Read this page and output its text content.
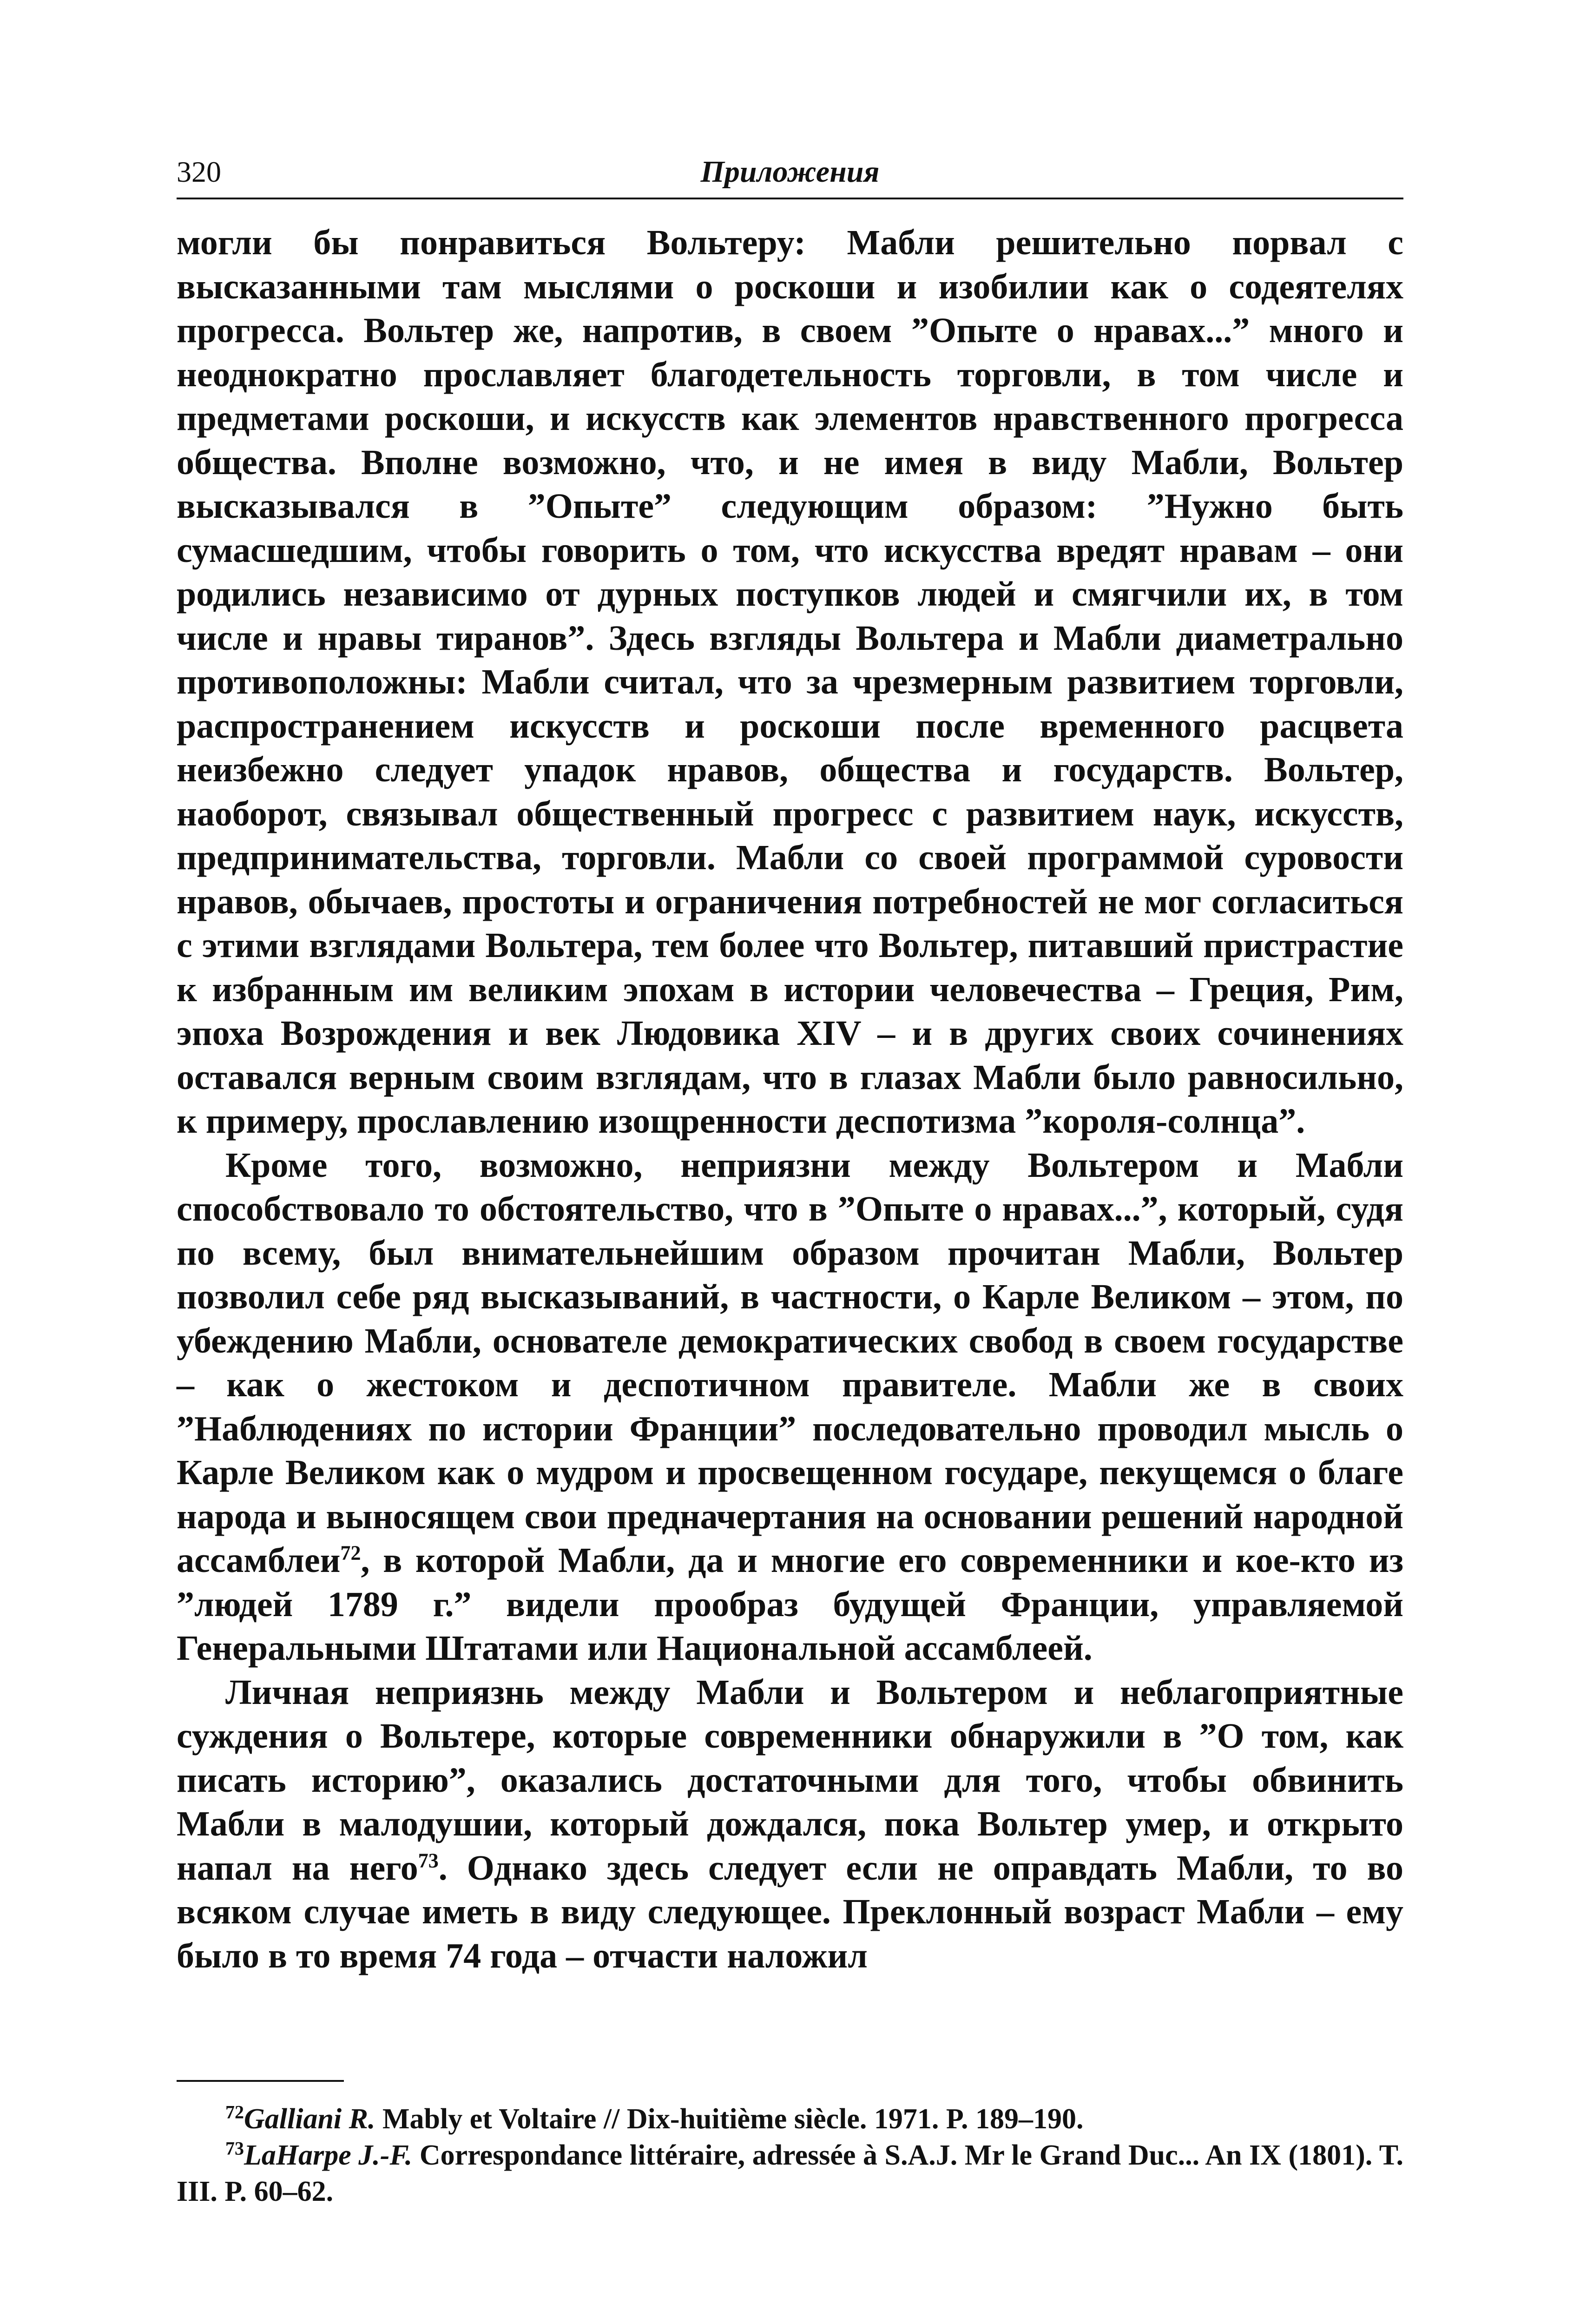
320	Приложения

могли бы понравиться Вольтеру: Мабли решительно порвал с высказанными там мыслями о роскоши и изобилии как о содеятелях прогресса. Вольтер же, напротив, в своем ”Опыте о нравах...” много и неоднократно прославляет благодетельность торговли, в том числе и предметами роскоши, и искусств как элементов нравственного прогресса общества. Вполне возможно, что, и не имея в виду Мабли, Вольтер высказывался в ”Опыте” следующим образом: ”Нужно быть сумасшедшим, чтобы говорить о том, что искусства вредят нравам – они родились независимо от дурных поступков людей и смягчили их, в том числе и нравы тиранов”. Здесь взгляды Вольтера и Мабли диаметрально противоположны: Мабли считал, что за чрезмерным развитием торговли, распространением искусств и роскоши после временного расцвета неизбежно следует упадок нравов, общества и государств. Вольтер, наоборот, связывал общественный прогресс с развитием наук, искусств, предпринимательства, торговли. Мабли со своей программой суровости нравов, обычаев, простоты и ограничения потребностей не мог согласиться с этими взглядами Вольтера, тем более что Вольтер, питавший пристрастие к избранным им великим эпохам в истории человечества – Греция, Рим, эпоха Возрождения и век Людовика XIV – и в других своих сочинениях оставался верным своим взглядам, что в глазах Мабли было равносильно, к примеру, прославлению изощренности деспотизма ”короля-солнца”.

Кроме того, возможно, неприязни между Вольтером и Мабли способствовало то обстоятельство, что в ”Опыте о нравах...”, который, судя по всему, был внимательнейшим образом прочитан Мабли, Вольтер позволил себе ряд высказываний, в частности, о Карле Великом – этом, по убеждению Мабли, основателе демократических свобод в своем государстве – как о жестоком и деспотичном правителе. Мабли же в своих ”Наблюдениях по истории Франции” последовательно проводил мысль о Карле Великом как о мудром и просвещенном государе, пекущемся о благе народа и выносящем свои предначертания на основании решений народной ассамблеи$^{72}$, в которой Мабли, да и многие его современники и кое-кто из ”людей 1789 г.” видели прообраз будущей Франции, управляемой Генеральными Штатами или Национальной ассамблеей.

Личная неприязнь между Мабли и Вольтером и неблагоприятные суждения о Вольтере, которые современники обнаружили в ”О том, как писать историю”, оказались достаточными для того, чтобы обвинить Мабли в малодушии, который дождался, пока Вольтер умер, и открыто напал на него$^{73}$. Однако здесь следует если не оправдать Мабли, то во всяком случае иметь в виду следующее. Преклонный возраст Мабли – ему было в то время 74 года – отчасти наложил

$^{72}$Galliani R. Mably et Voltaire // Dix-huitième siècle. 1971. P. 189–190.

$^{73}$LaHarpe J.-F. Correspondance littéraire, adressée à S.A.J. Mr le Grand Duc... An IX (1801). T. III. P. 60–62.
